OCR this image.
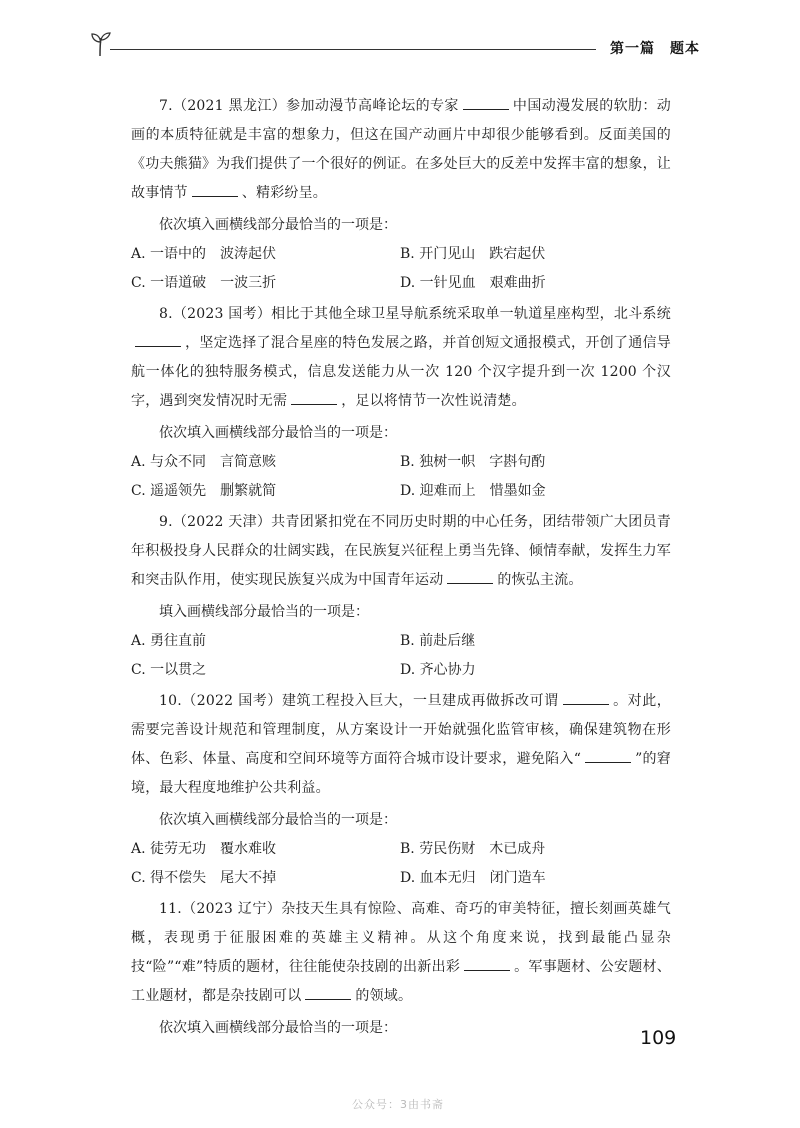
第一篇　题本

7.（2021 黑龙江）参加动漫节高峰论坛的专家	中国动漫发展的软肋：动画的本质特征就是丰富的想象力，但这在国产动画片中却很少能够看到。反面美国的《功夫熊猫》为我们提供了一个很好的例证。在多处巨大的反差中发挥丰富的想象，让故事情节	、精彩纷呈。

依次填入画横线部分最恰当的一项是：

A. 一语中的　波涛起伏	B. 开门见山　跌宕起伏
C. 一语道破　一波三折	D. 一针见血　艰难曲折

8.（2023 国考）相比于其他全球卫星导航系统采取单一轨道星座构型，北斗系统，坚定选择了混合星座的特色发展之路，并首创短文通报模式，开创了通信导航一体化的独特服务模式，信息发送能力从一次 120 个汉字提升到一次 1200 个汉字，遇到突发情况时无需	，足以将情节一次性说清楚。

依次填入画横线部分最恰当的一项是：

A. 与众不同　言简意赅	B. 独树一帜　字斟句酌
C. 遥遥领先　删繁就简	D. 迎难而上　惜墨如金

9.（2022 天津）共青团紧扣党在不同历史时期的中心任务，团结带领广大团员青年积极投身人民群众的壮阔实践，在民族复兴征程上勇当先锋、倾情奉献，发挥生力军和突击队作用，使实现民族复兴成为中国青年运动	的恢弘主流。

填入画横线部分最恰当的一项是：

A. 勇往直前	B. 前赴后继
C. 一以贯之	D. 齐心协力

10.（2022 国考）建筑工程投入巨大，一旦建成再做拆改可谓	。对此，需要完善设计规范和管理制度，从方案设计一开始就强化监管审核，确保建筑物在形体、色彩、体量、高度和空间环境等方面符合城市设计要求，避免陷入“	”的窘境，最大程度地维护公共利益。

依次填入画横线部分最恰当的一项是：

A. 徒劳无功　覆水难收	B. 劳民伤财　木已成舟
C. 得不偿失　尾大不掉	D. 血本无归　闭门造车

11.（2023 辽宁）杂技天生具有惊险、高难、奇巧的审美特征，擅长刻画英雄气概，表现勇于征服困难的英雄主义精神。从这个角度来说，找到最能凸显杂技“险”“难”特质的题材，往往能使杂技剧的出新出彩	。军事题材、公安题材、工业题材，都是杂技剧可以	的领域。

依次填入画横线部分最恰当的一项是：	109
公众号：3由书斋
